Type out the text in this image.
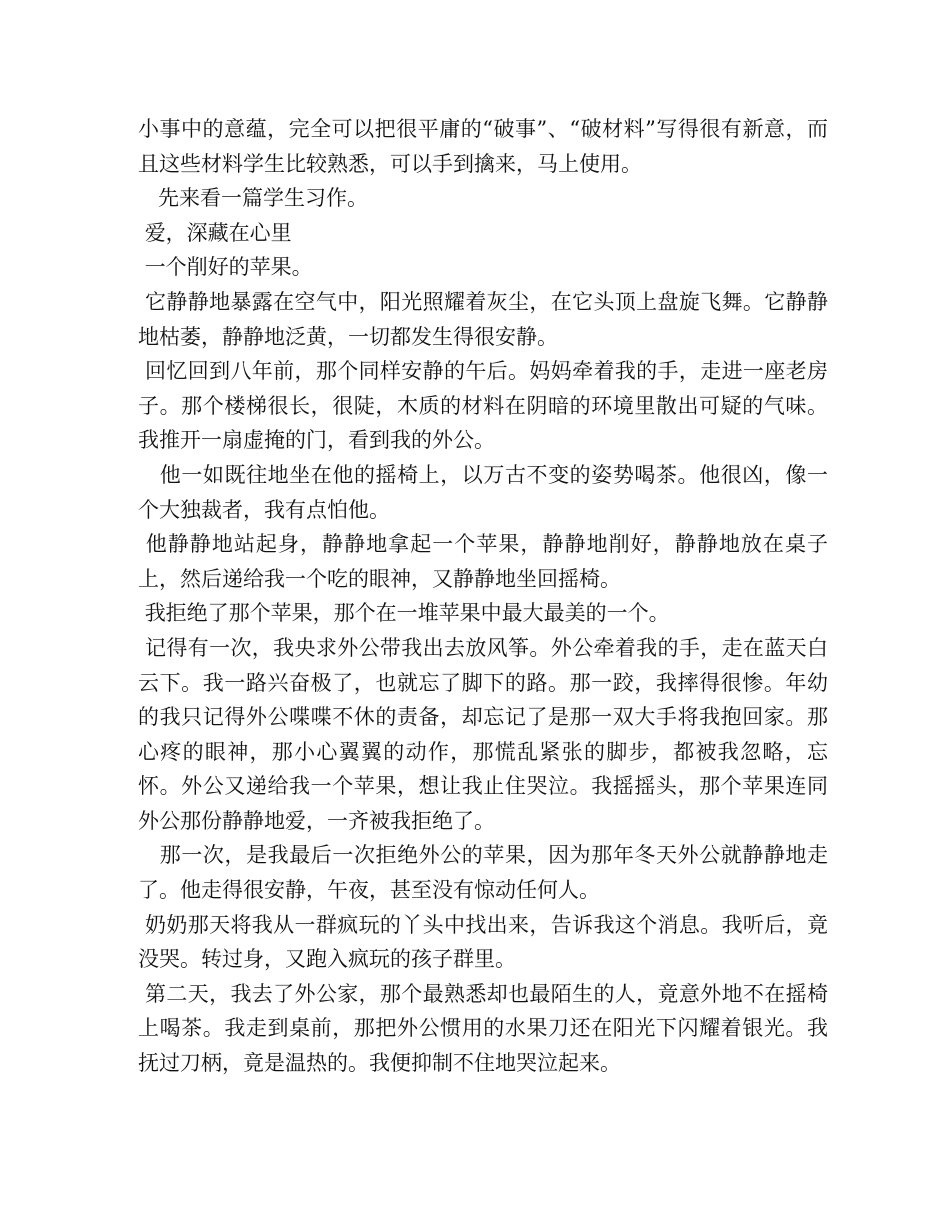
小事中的意蕴，完全可以把很平庸的“破事”、“破材料”写得很有新意，而且这些材料学生比较熟悉，可以手到擒来，马上使用。

先来看一篇学生习作。

爱，深藏在心里

一个削好的苹果。

它静静地暴露在空气中，阳光照耀着灰尘，在它头顶上盘旋飞舞。它静静地枯萎，静静地泛黄，一切都发生得很安静。

回忆回到八年前，那个同样安静的午后。妈妈牵着我的手，走进一座老房子。那个楼梯很长，很陡，木质的材料在阴暗的环境里散出可疑的气味。我推开一扇虚掩的门，看到我的外公。

他一如既往地坐在他的摇椅上，以万古不变的姿势喝茶。他很凶，像一个大独裁者，我有点怕他。

他静静地站起身，静静地拿起一个苹果，静静地削好，静静地放在桌子上，然后递给我一个吃的眼神，又静静地坐回摇椅。

我拒绝了那个苹果，那个在一堆苹果中最大最美的一个。

记得有一次，我央求外公带我出去放风筝。外公牵着我的手，走在蓝天白云下。我一路兴奋极了，也就忘了脚下的路。那一跤，我摔得很惨。年幼的我只记得外公喋喋不休的责备，却忘记了是那一双大手将我抱回家。那心疼的眼神，那小心翼翼的动作，那慌乱紧张的脚步，都被我忽略，忘怀。外公又递给我一个苹果，想让我止住哭泣。我摇摇头，那个苹果连同外公那份静静地爱，一齐被我拒绝了。

那一次，是我最后一次拒绝外公的苹果，因为那年冬天外公就静静地走了。他走得很安静，午夜，甚至没有惊动任何人。

奶奶那天将我从一群疯玩的丫头中找出来，告诉我这个消息。我听后，竟没哭。转过身，又跑入疯玩的孩子群里。

第二天，我去了外公家，那个最熟悉却也最陌生的人，竟意外地不在摇椅上喝茶。我走到桌前，那把外公惯用的水果刀还在阳光下闪耀着银光。我抚过刀柄，竟是温热的。我便抑制不住地哭泣起来。
